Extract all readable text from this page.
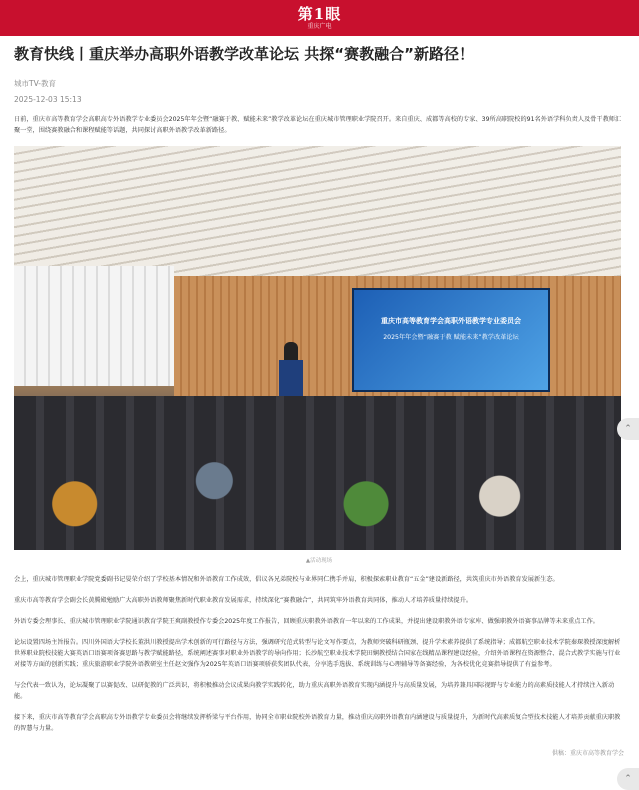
第1眼
重庆广电
教育快线丨重庆举办高职外语教学改革论坛 共探“赛教融合”新路径！
城市TV-教育
2025-12-03 15:13

日前，重庆市高等教育学会高职高专外语教学专业委员会2025年年会暨“融赛于教、赋能未来”教学改革论坛在重庆城市管理职业学院召开。来自重庆、成都等高校的专家、39所高职院校的91名外语学科负责人及骨干教师汇聚一堂，围绕赛教融合和课程赋能等话题，共同探讨高职外语教学改革新路径。

重庆市高等教育学会高职外语教学专业委员会
2025年年会暨“融赛于教 赋能未来”教学改革论坛
▲活动现场

会上，重庆城市管理职业学院党委副书记晏荣介绍了学校基本情况和外语教育工作成效，倡议各兄弟院校与业界同仁携手并肩，积极探索职业教育“五金”建设新路径，共筑重庆市外语教育发展新生态。

重庆市高等教育学会副会长黄腾殿勉励广大高职外语教师聚焦新时代职业教育发展需求，持续深化“赛教融合”，共同筑牢外语教育共同体，推动人才培养质量持续提升。

外语专委会理事长、重庆城市管理职业学院通识教育学院王爽副教授作专委会2025年度工作报告，回顾重庆职教外语教育一年以来的工作成果，并提出建设职教外语专家库、做强职教外语赛事品牌等未来重点工作。

论坛设置四场主旨报告。四川外国语大学校长董洪川教授提出学术创新的可行路径与方法，强调研究范式转型与论文写作要点，为教师突破科研瓶颈、提升学术素养提供了系统指导；成都航空职业技术学院秦琛教授深度解析世界职业院校技能大赛英语口语赛项备赛思路与教学赋能路径，系统阐述赛事对职业外语教学的导向作用；长沙航空职业技术学院田娴教授结合国家在线精品课程建设经验，介绍外语课程在资源整合、混合式教学实施与行业对接等方面的创新实践；重庆旅游职业学院外语教研室主任赵文强作为2025年英语口语赛项骄获奖团队代表，分享选手选拔、系统训练与心理辅导等备赛经验，为各校优化竞赛指导提供了有益参考。

与会代表一致认为，论坛凝聚了以赛促改、以研促教的广泛共识，将积极推动会议成果向教学实践转化，助力重庆高职外语教育实现内涵提升与高质量发展，为培养兼具国际视野与专业能力的高素质技能人才持续注入新动能。

接下来，重庆市高等教育学会高职高专外语教学专业委员会将继续发挥桥梁与平台作用，协同全市职业院校外语教育力量，推动重庆高职外语教育内涵建设与质量提升，为新时代高素质复合型技术技能人才培养贡献重庆职教的智慧与力量。

供稿：重庆市高等教育学会
⌃
⌃
